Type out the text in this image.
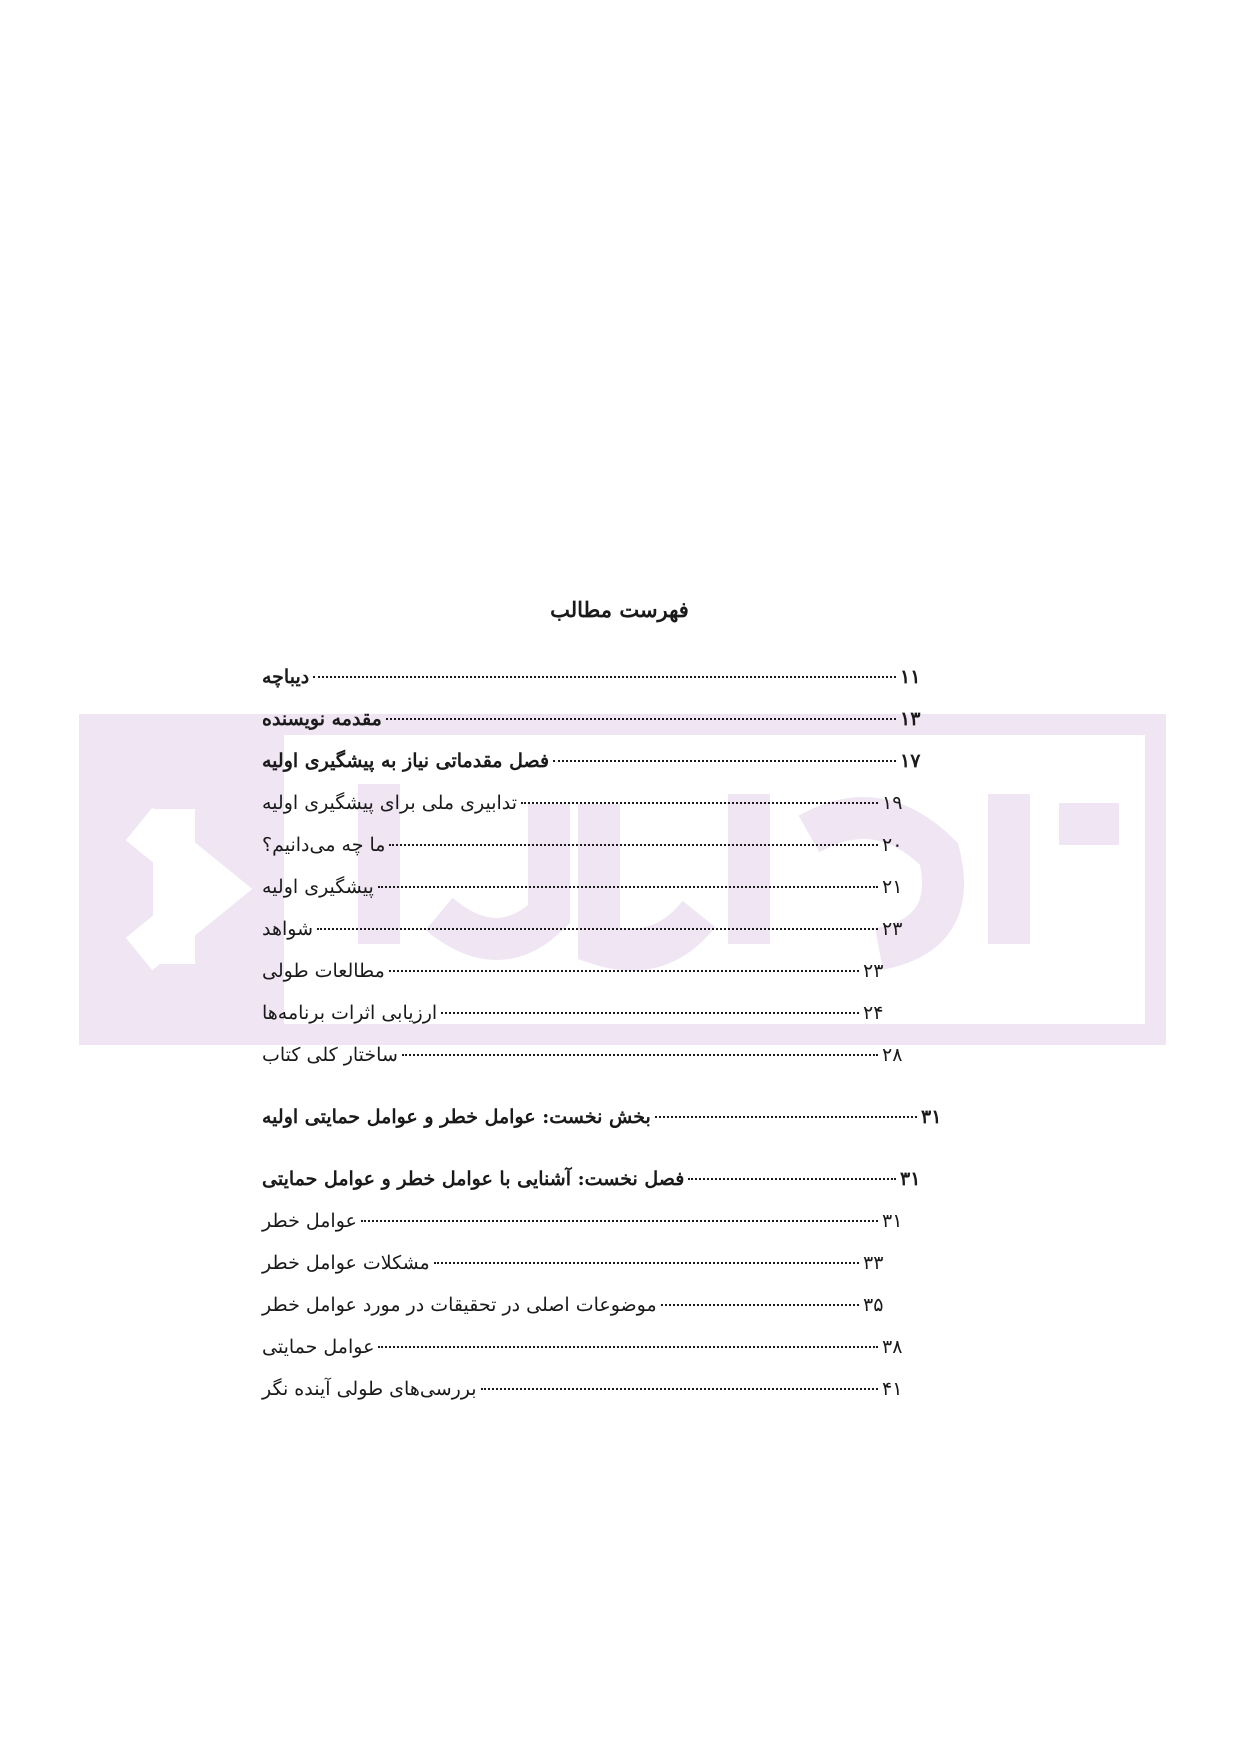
فهرست مطالب
دیباچه	۱۱
مقدمه نویسنده	۱۳
فصل مقدماتی نیاز به پیشگیری اولیه	۱۷
تدابیری ملی برای پیشگیری اولیه	۱۹
ما چه می‌دانیم؟	۲۰
پیشگیری اولیه	۲۱
شواهد	۲۳
مطالعات طولی	۲۳
ارزیابی اثرات برنامه‌ها	۲۴
ساختار کلی کتاب	۲۸
بخش نخست: عوامل خطر و عوامل حمایتی اولیه	۳۱
فصل نخست: آشنایی با عوامل خطر و عوامل حمایتی	۳۱
عوامل خطر	۳۱
مشکلات عوامل خطر	۳۳
موضوعات اصلی در تحقیقات در مورد عوامل خطر	۳۵
عوامل حمایتی	۳۸
بررسی‌های طولی آینده نگر	۴۱
